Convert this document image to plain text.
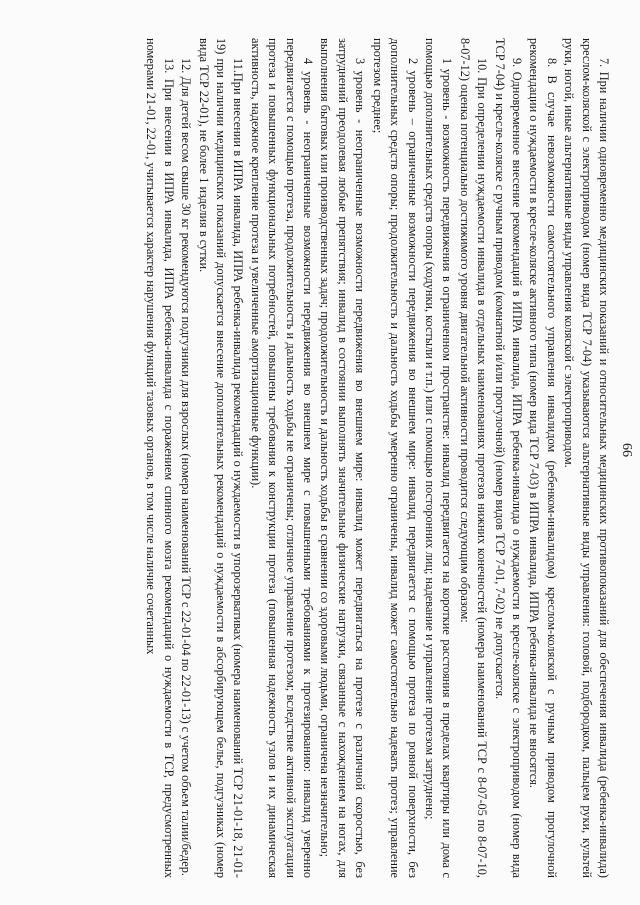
66

7. При наличии одновременно медицинских показаний и относительных медицинских противопоказаний для обеспечения инвалида (ребенка-инвалида) креслом-коляской с электроприводом (номер вида ТСР 7-04) указываются альтернативные виды управления: головой, подбородком, пальцем руки, культей руки, ногой, иные альтернативные виды управления коляской с электроприводом.

8. В случае невозможности самостоятельного управления инвалидом (ребенком-инвалидом) креслом-коляской с ручным приводом прогулочной рекомендации о нуждаемости в кресле-коляске активного типа (номер вида ТСР 7-03) в ИПРА инвалида, ИПРА ребенка-инвалида не вносятся.

9. Одновременное внесение рекомендаций в ИПРА инвалида, ИПРА ребенка-инвалида о нуждаемости в кресле-коляске с электроприводом (номер вида ТСР 7-04) и кресле-коляске с ручным приводом (комнатной и/или прогулочной) (номер видов ТСР 7-01, 7-02) не допускается.

10. При определении нуждаемости инвалида в отдельных наименованиях протезов нижних конечностей (номера наименований ТСР с 8-07-05 по 8-07-10, 8-07-12) оценка потенциально достижимого уровня двигательной активности проводится следующим образом:

1 уровень - возможность передвижения в ограниченном пространстве: инвалид передвигается на короткие расстояния в пределах квартиры или дома с помощью дополнительных средств опоры (ходунки, костыли и т.п.) или с помощью посторонних лиц; надевание и управление протезом затруднено;

2 уровень – ограниченные возможности передвижения во внешнем мире: инвалид передвигается с помощью протеза по ровной поверхности, без дополнительных средств опоры; продолжительность и дальность ходьбы умеренно ограничены, инвалид может самостоятельно надевать протез; управление протезом среднее;

3 уровень - неограниченные возможности передвижения во внешнем мире: инвалид может передвигаться на протезе с различной скоростью, без затруднений преодолевая любые препятствия; инвалид в состоянии выполнять значительные физические нагрузки, связанные с нахождением на ногах, для выполнения бытовых или производственных задач; продолжительность и дальность ходьбы в сравнении со здоровыми людьми, ограничена незначительно;

4 уровень - неограниченные возможности передвижения во внешнем мире с повышенными требованиями к протезированию: инвалид уверенно передвигается с помощью протеза, продолжительность и дальность ходьбы не ограничены; отличное управление протезом; вследствие активной эксплуатации протеза и повышенных функциональных потребностей, повышены требования к конструкции протеза (повышенная надежность узлов и их динамическая активность, надежное крепление протеза и увеличенные амортизационные функции).

11.При внесении в ИПРА инвалида, ИПРА ребенка-инвалида рекомендаций о нуждаемости в упорозервативах (номера наименований ТСР 21-01-18, 21-01-19) при наличии медицинских показаний допускается внесение дополнительных рекомендаций о нуждаемости в абсорбирующем белье, подгузниках (номер вида ТСР 22-01), не более 1 изделия в сутки.

12. Для детей весом свыше 30 кг рекомендуются подгузники для взрослых (номера наименований ТСР с 22-01-04 по 22-01-13) с учетом объем талии/бедер.

13. При внесении в ИПРА инвалида, ИПРА ребенка-инвалида с поражением спинного мозга рекомендаций о нуждаемости в ТСР, предусмотренных номерами 21-01, 22-01, учитывается характер нарушения функций тазовых органов, в том числе наличие сочетанных
